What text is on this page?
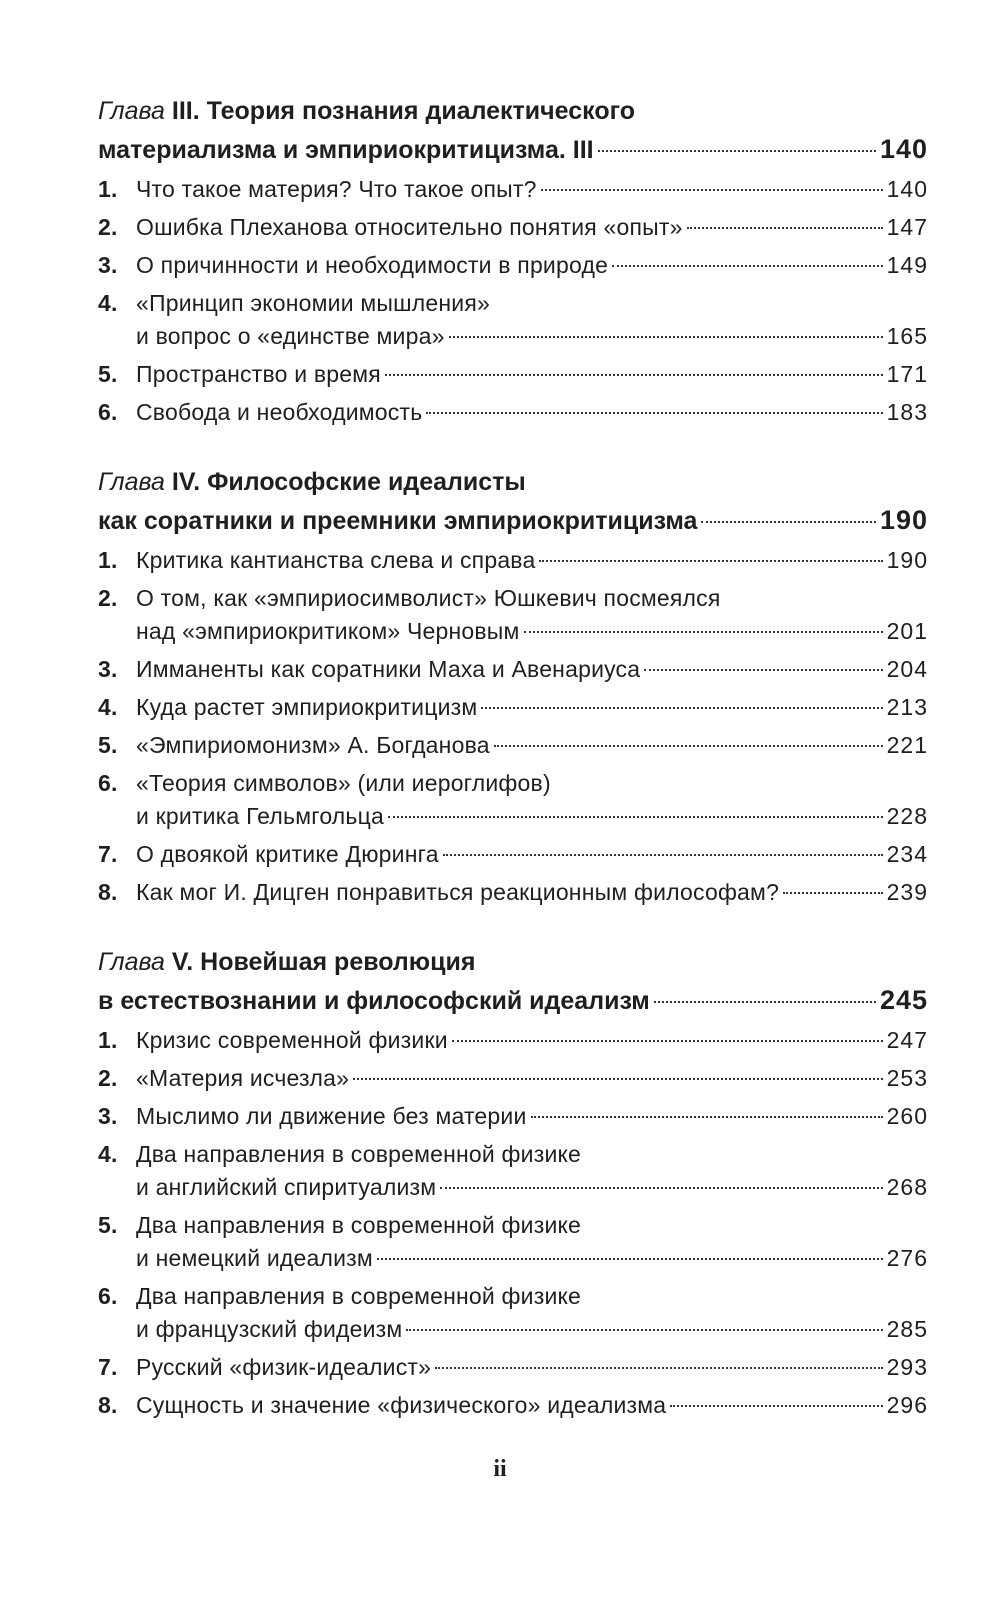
Глава III. Теория познания диалектического
материализма и эмпириокритицизма. III	140
1. Что такое материя? Что такое опыт?	140
2. Ошибка Плеханова относительно понятия «опыт»	147
3. О причинности и необходимости в природе	149
4. «Принцип экономии мышления»
и вопрос о «единстве мира»	165
5. Пространство и время	171
6. Свобода и необходимость	183
Глава IV. Философские идеалисты
как соратники и преемники эмпириокритицизма	190
1. Критика кантианства слева и справа	190
2. О том, как «эмпириосимволист» Юшкевич посмеялся
над «эмпириокритиком» Черновым	201
3. Имманенты как соратники Маха и Авенариуса	204
4. Куда растет эмпириокритицизм	213
5. «Эмпириомонизм» А. Богданова	221
6. «Теория символов» (или иероглифов)
и критика Гельмгольца	228
7. О двоякой критике Дюринга	234
8. Как мог И. Дицген понравиться реакционным философам?	239
Глава V. Новейшая революция
в естествознании и философский идеализм	245
1. Кризис современной физики	247
2. «Материя исчезла»	253
3. Мыслимо ли движение без материи	260
4. Два направления в современной физике
и английский спиритуализм	268
5. Два направления в современной физике
и немецкий идеализм	276
6. Два направления в современной физике
и французский фидеизм	285
7. Русский «физик-идеалист»	293
8. Сущность и значение «физического» идеализма	296
ii
